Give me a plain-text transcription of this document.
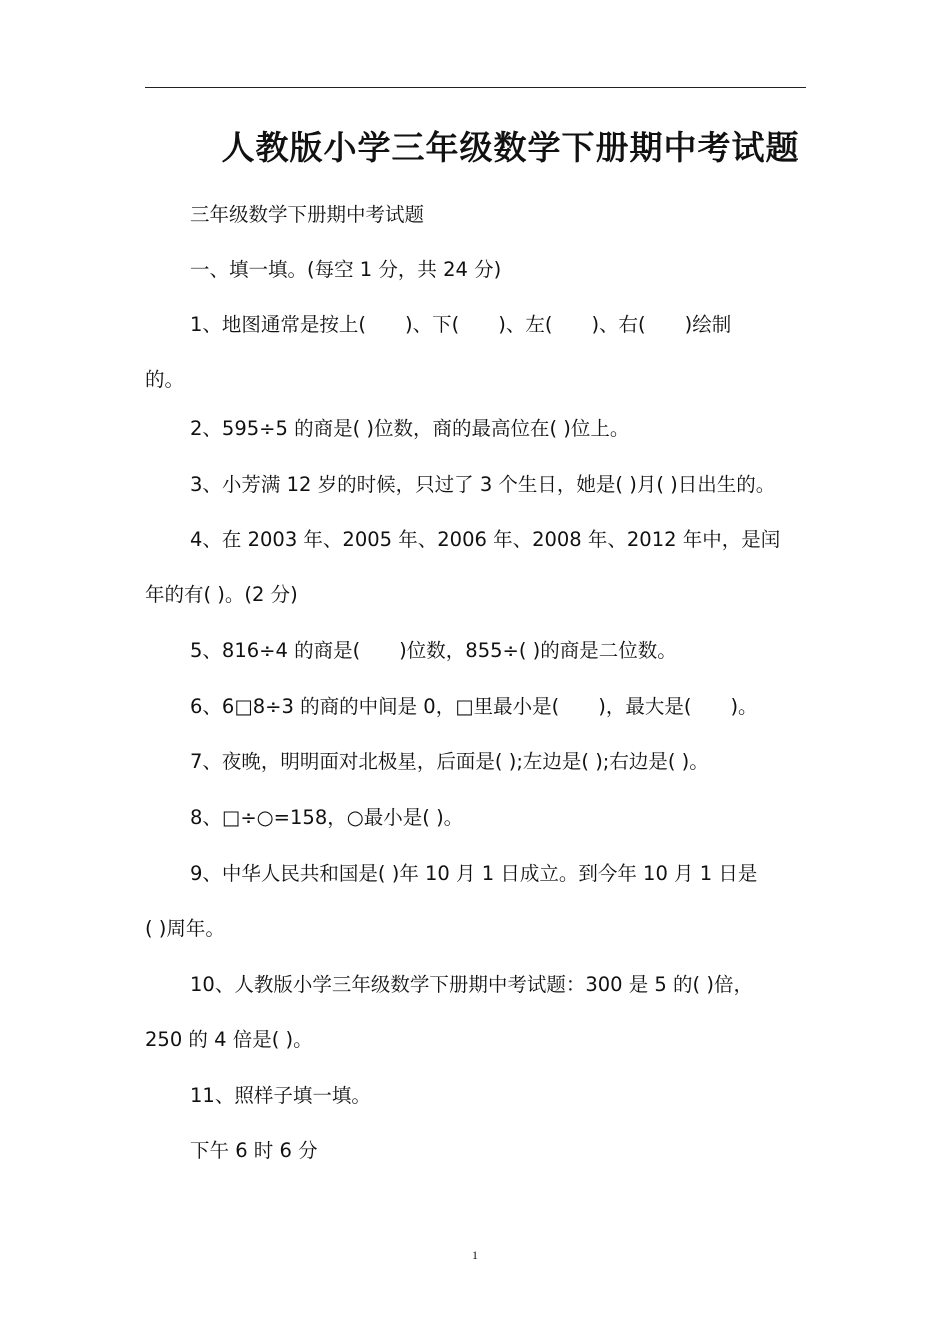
人教版小学三年级数学下册期中考试题
三年级数学下册期中考试题
一、填一填。(每空 1 分，共 24 分)
1、地图通常是按上(　　)、下(　　)、左(　　)、右(　　)绘制
的。
2、595÷5 的商是( )位数，商的最高位在( )位上。
3、小芳满 12 岁的时候，只过了 3 个生日，她是( )月( )日出生的。
4、在 2003 年、2005 年、2006 年、2008 年、2012 年中，是闰
年的有( )。(2 分)
5、816÷4 的商是(　　)位数，855÷( )的商是二位数。
6、6□8÷3 的商的中间是 0，□里最小是(　　)，最大是(　　)。
7、夜晚，明明面对北极星，后面是( );左边是( );右边是( )。
8、□÷○=158，○最小是( )。
9、中华人民共和国是( )年 10 月 1 日成立。到今年 10 月 1 日是
( )周年。
10、人教版小学三年级数学下册期中考试题：300 是 5 的( )倍，
250 的 4 倍是( )。
11、照样子填一填。
下午 6 时 6 分
1
